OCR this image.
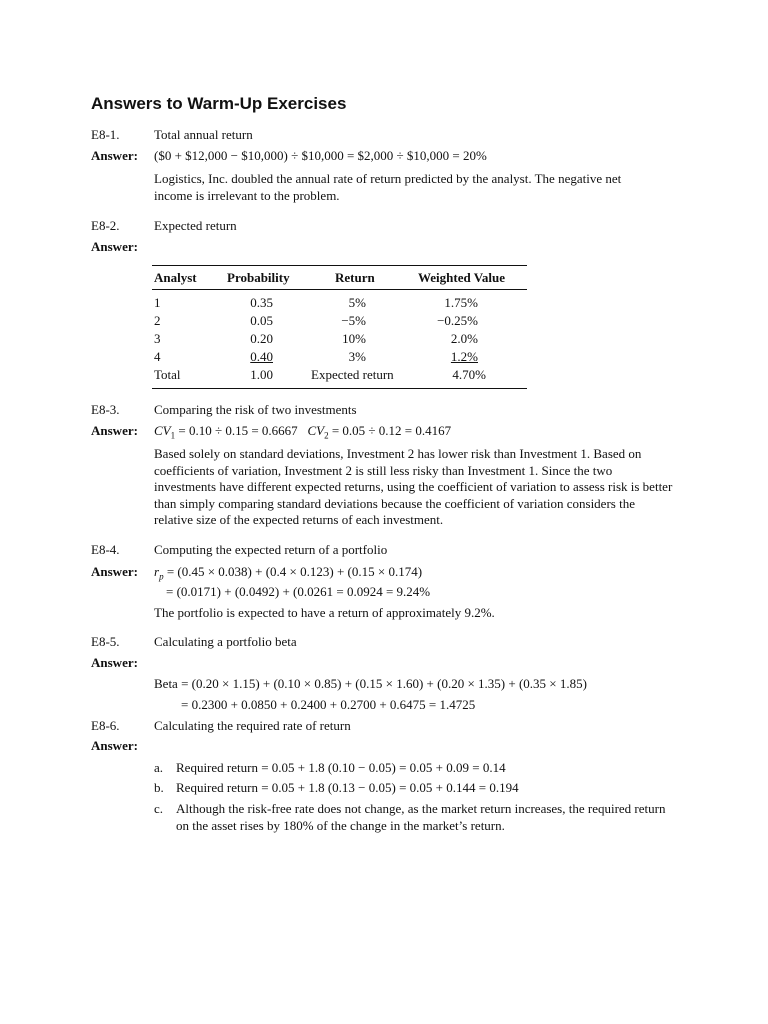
Answers to Warm-Up Exercises
E8-1.	Total annual return
Answer: ($0 + $12,000 − $10,000) ÷ $10,000 = $2,000 ÷ $10,000 = 20%
Logistics, Inc. doubled the annual rate of return predicted by the analyst. The negative net income is irrelevant to the problem.
E8-2.	Expected return
Answer:
Analyst Probability	Return	Weighted Value
1	0.35	5%	1.75%
2	0.05	−5%	−0.25%
3	0.20	10%	2.0%
4	0.40	3%	1.2%
Total	1.00	Expected return	4.70%
E8-3.	Comparing the risk of two investments
Answer: $CV_1 = 0.10 \div 0.15 = 0.6667$ $CV_2 = 0.05 \div 0.12 = 0.4167$
Based solely on standard deviations, Investment 2 has lower risk than Investment 1. Based on coefficients of variation, Investment 2 is still less risky than Investment 1. Since the two investments have different expected returns, using the coefficient of variation to assess risk is better than simply comparing standard deviations because the coefficient of variation considers the relative size of the expected returns of each investment.
E8-4.	Computing the expected return of a portfolio
Answer: $r_p = (0.45 \times 0.038) + (0.4 \times 0.123) + (0.15 \times 0.174)$
= (0.0171) + (0.0492) + (0.0261 = 0.0924 = 9.24%
The portfolio is expected to have a return of approximately 9.2%.
E8-5.	Calculating a portfolio beta
Answer:
Beta = (0.20 × 1.15) + (0.10 × 0.85) + (0.15 × 1.60) + (0.20 × 1.35) + (0.35 × 1.85)
= 0.2300 + 0.0850 + 0.2400 + 0.2700 + 0.6475 = 1.4725
E8-6.	Calculating the required rate of return
Answer:
a. Required return = 0.05 + 1.8 (0.10 − 0.05) = 0.05 + 0.09 = 0.14
b. Required return = 0.05 + 1.8 (0.13 − 0.05) = 0.05 + 0.144 = 0.194
c. Although the risk-free rate does not change, as the market return increases, the required return on the asset rises by 180% of the change in the market’s return.
